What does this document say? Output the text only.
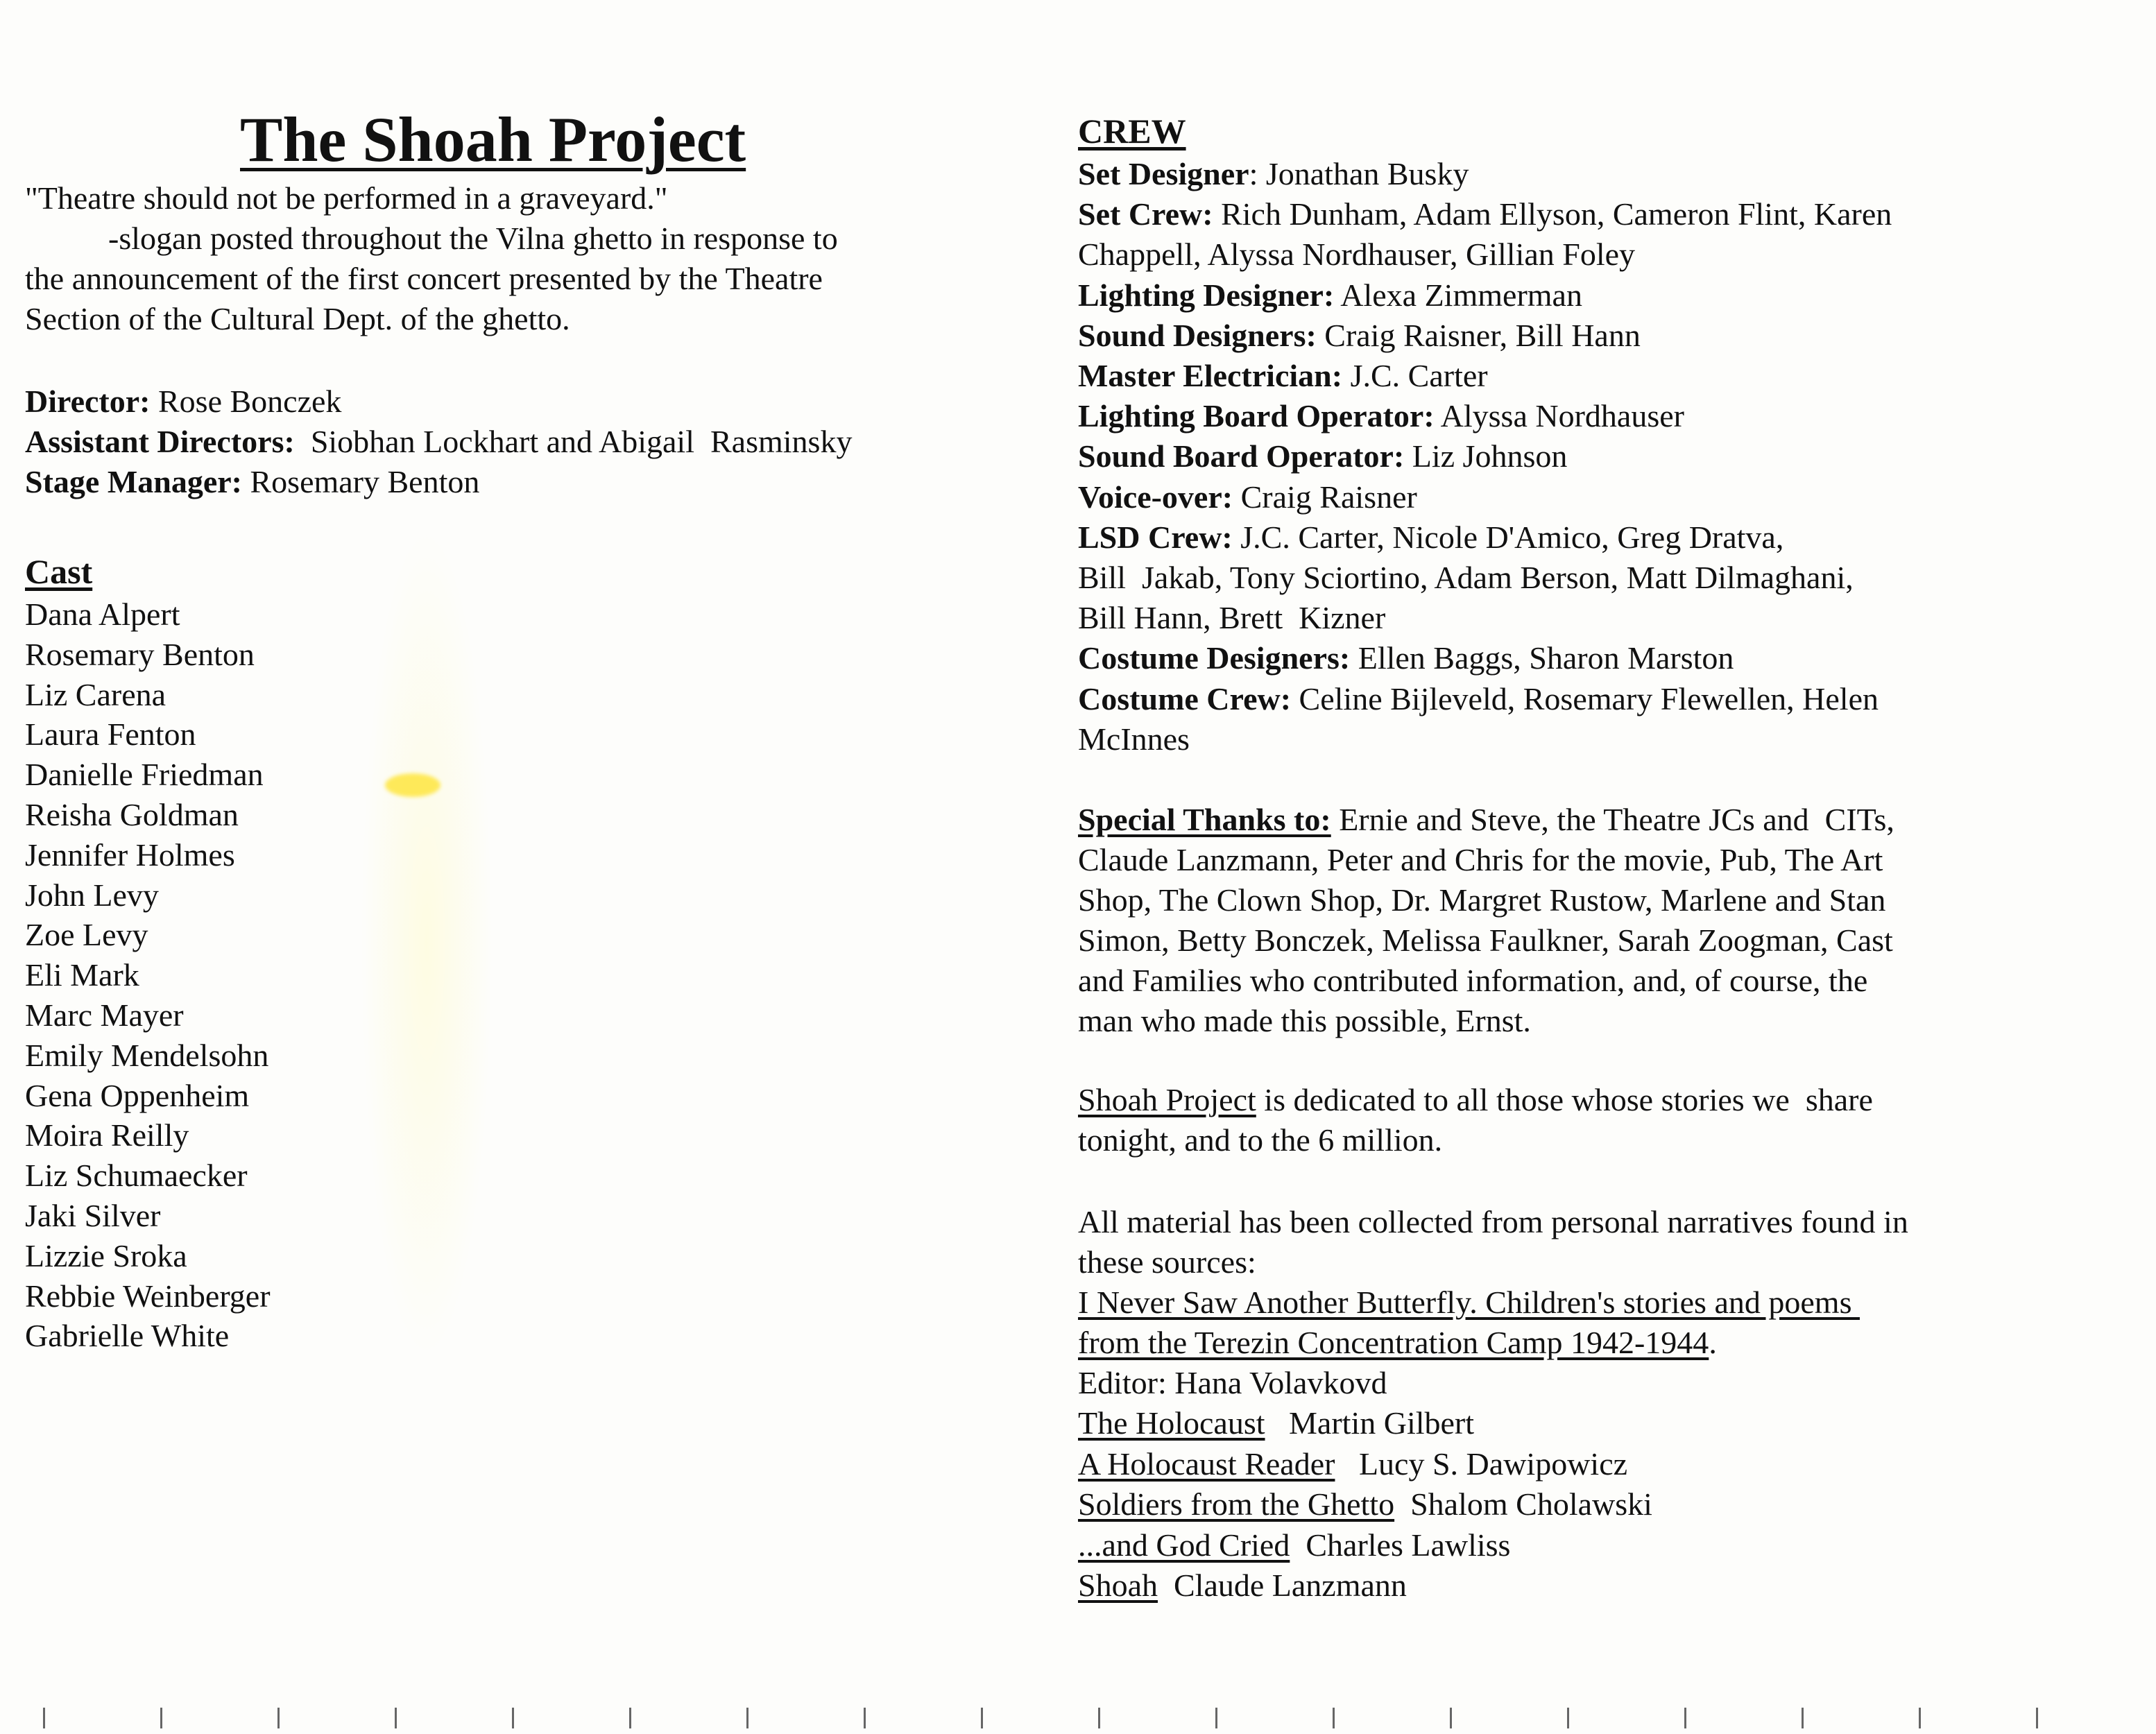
The Shoah Project
"Theatre should not be performed in a graveyard."
-slogan posted throughout the Vilna ghetto in response to
the announcement of the first concert presented by the Theatre
Section of the Cultural Dept. of the ghetto.
Director: Rose Bonczek
Assistant Directors:  Siobhan Lockhart and Abigail  Rasminsky
Stage Manager: Rosemary Benton
Cast
Dana Alpert
Rosemary Benton
Liz Carena
Laura Fenton
Danielle Friedman
Reisha Goldman
Jennifer Holmes
John Levy
Zoe Levy
Eli Mark
Marc Mayer
Emily Mendelsohn
Gena Oppenheim
Moira Reilly
Liz Schumaecker
Jaki Silver
Lizzie Sroka
Rebbie Weinberger
Gabrielle White
CREW
Set Designer: Jonathan Busky
Set Crew: Rich Dunham, Adam Ellyson, Cameron Flint, Karen
Chappell, Alyssa Nordhauser, Gillian Foley
Lighting Designer: Alexa Zimmerman
Sound Designers: Craig Raisner, Bill Hann
Master Electrician: J.C. Carter
Lighting Board Operator: Alyssa Nordhauser
Sound Board Operator: Liz Johnson
Voice-over: Craig Raisner
LSD Crew: J.C. Carter, Nicole D'Amico, Greg Dratva,
Bill  Jakab, Tony Sciortino, Adam Berson, Matt Dilmaghani,
Bill Hann, Brett  Kizner
Costume Designers: Ellen Baggs, Sharon Marston
Costume Crew: Celine Bijleveld, Rosemary Flewellen, Helen
McInnes
Special Thanks to: Ernie and Steve, the Theatre JCs and  CITs,
Claude Lanzmann, Peter and Chris for the movie, Pub, The Art
Shop, The Clown Shop, Dr. Margret Rustow, Marlene and Stan
Simon, Betty Bonczek, Melissa Faulkner, Sarah Zoogman, Cast
and Families who contributed information, and, of course, the
man who made this possible, Ernst.
Shoah Project is dedicated to all those whose stories we  share
tonight, and to the 6 million.
All material has been collected from personal narratives found in
these sources:
I Never Saw Another Butterfly. Children's stories and poems
from the Terezin Concentration Camp 1942-1944.
Editor: Hana Volavkovd
The Holocaust   Martin Gilbert
A Holocaust Reader   Lucy S. Dawipowicz
Soldiers from the Ghetto  Shalom Cholawski
...and God Cried  Charles Lawliss
Shoah  Claude Lanzmann
